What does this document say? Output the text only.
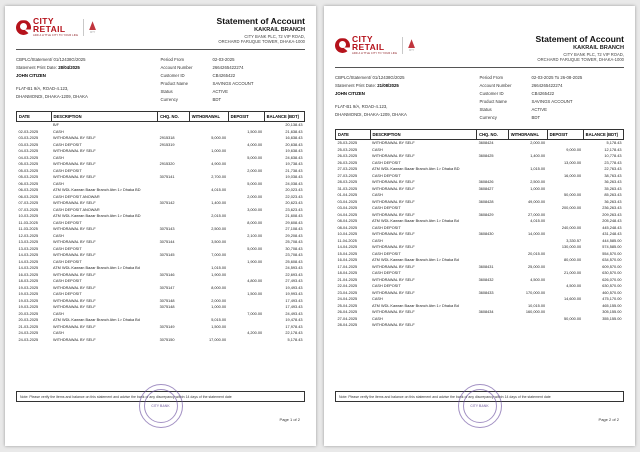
CITY
RETAIL
ADD A LITTLE CITY TO YOUR LIFE
CITY
Statement of Account
KAKRAIL BRANCH
CITY BANK PLC, 72 VIP ROAD,
ORCHARD FARUQUE TOWER, DHAKA-1000
CBPLC/Statement/ 01/12438G/2025
Statement Print Date: 28/04/2025
JOHN CITIZEN
FLAT-B1 9/A, ROAD-4.123,
DHANMONDI, DHAKA-1209, DHAKA
Period From	02-03-2025
Account Number	2664265422274
Customer ID	CB4265422
Product Name	SAVINGS ACCOUNT
Status	ACTIVE
Currency	BDT
DATE	DESCRIPTION	CHQ. NO.	WITHDRAWAL	DEPOSIT	BALANCE (BDT)
	B/F				20,138.43
02-03-2025	CASH			1,500.00	21,638.43
03-03-2025	WITHDRAWAL BY SELF	2915318	5,000.00		16,638.43
03-03-2025	CASH DEPOSIT	2915319		4,000.00	20,638.43
04-03-2025	WITHDRAWAL BY SELF		1,000.00		19,638.43
04-03-2025	CASH			5,000.00	24,638.43
05-03-2025	WITHDRAWAL BY SELF	2915320	4,900.00		19,738.43
05-03-2025	CASH DEPOSIT			2,000.00	21,738.43
05-03-2025	WITHDRAWAL BY SELF	3075141	2,700.00		19,038.43
06-03-2025	CASH			5,000.00	24,038.43
06-03-2025	ATM WDL Kawran Bazar Branch Atm 1> Dhaka BD		4,015.00		20,023.43
06-03-2025	CASH DEPOSIT ANOWAR			2,000.00	22,023.43
07-03-2025	WITHDRAWAL BY SELF	3075142	1,400.00		20,623.43
07-03-2025	CASH DEPOSIT ANOWAR			3,000.00	23,623.43
10-03-2025	ATM WDL Kawran Bazar Branch Atm 1> Dhaka BD		2,015.00		21,608.43
11-03-2025	CASH DEPOSIT			8,000.00	29,608.43
11-03-2025	WITHDRAWAL BY SELF	3075143	2,500.00		27,108.43
12-03-2025	CASH			2,100.00	29,208.43
13-03-2025	WITHDRAWAL BY SELF	3075144	3,500.00		25,708.43
13-03-2025	CASH DEPOSIT			5,000.00	30,708.43
14-03-2025	WITHDRAWAL BY SELF	3075145	7,000.00		23,708.43
14-03-2025	CASH DEPOSIT			1,900.00	25,608.43
14-03-2025	ATM WDL Kawran Bazar Branch Atm 1> Dhaka Bd		1,015.00		24,593.43
16-03-2025	WITHDRAWAL BY SELF	3075146	1,900.00		22,693.43
18-03-2025	CASH DEPOSIT			4,800.00	27,493.43
19-03-2025	WITHDRAWAL BY SELF	3075147	8,000.00		19,493.43
19-03-2025	CASH DEPOSIT			1,500.00	19,993.43
19-03-2025	WITHDRAWAL BY SELF	3075148	2,000.00		17,493.43
19-03-2025	WITHDRAWAL BY SELF	3075148	1,000.00		17,493.43
20-03-2025	CASH			7,000.00	24,493.43
20-03-2025	ATM WDL Kawran Bazar Branch Atm 1> Dhaka Bd		5,015.00		19,478.43
21-03-2025	WITHDRAWAL BY SELF	3075149	1,500.00		17,978.43
24-03-2025	CASH			4,200.00	22,178.43
24-03-2025	WITHDRAWAL BY SELF	3075150	17,000.00		5,178.43
Note: Please verify the items and balance on this statement and advise the bank of any discrepancy within 14 days of the statement date
CITY BANK
Page 1 of 2
CITY
RETAIL
ADD A LITTLE CITY TO YOUR LIFE
CITY
Statement of Account
KAKRAIL BRANCH
CITY BANK PLC, 72 VIP ROAD,
ORCHARD FARUQUE TOWER, DHAKA-1000
CBPLC/Statement/ 01/12438G/2025
Statement Print Date: 21/08/2025
JOHN CITIZEN
FLAT-B1 9/A, ROAD-4.123,
DHANMONDI, DHAKA-1209, DHAKA
Period From	02-03-2025 To 26-08-2025
Account Number	2664265422274
Customer ID	CB4265422
Product Name	SAVINGS ACCOUNT
Status	ACTIVE
Currency	BDT
DATE	DESCRIPTION	CHQ. NO.	WITHDRAWAL	DEPOSIT	BALANCE (BDT)
25-03-2025	WITHDRAWAL BY SELF	3608424	2,000.00		5,178.43
25-03-2025	CASH			9,000.00	12,178.43
26-03-2025	WITHDRAWAL BY SELF	3608425	1,400.00		10,778.43
26-03-2025	CASH DEPOSIT			13,000.00	23,778.43
27-03-2025	ATM WDL Kawran Bazar Branch Atm 1> Dhaka BD		1,015.00		22,763.43
27-03-2025	CASH DEPOSIT			16,000.00	38,763.43
28-03-2025	WITHDRAWAL BY SELF	3608426	2,500.00		36,263.43
31-03-2025	WITHDRAWAL BY SELF	3608427	1,000.00		35,263.43
01-04-2025	CASH			50,000.00	85,263.43
03-04-2025	WITHDRAWAL BY SELF	3608428	49,000.00		36,263.43
03-04-2025	CASH DEPOSIT			200,000.00	236,263.43
04-04-2025	WITHDRAWAL BY SELF	3608429	27,000.00		209,263.43
08-04-2025	ATM WDL Kawran Bazar Branch Atm 1> Dhaka Bd		4,015.00		205,248.43
08-04-2025	CASH DEPOSIT			240,000.00	445,248.43
10-04-2025	WITHDRAWAL BY SELF	3608430	14,000.00		431,248.43
11-04-2025	CASH			3,330.57	444,585.00
14-04-2025	WITHDRAWAL BY SELF			130,000.00	574,585.00
15-04-2025	CASH DEPOSIT		20,015.00		554,570.00
16-04-2025	ATM WDL Kawran Bazar Branch Atm 1> Dhaka Bd			80,000.00	634,570.00
17-04-2025	WITHDRAWAL BY SELF	3608431	25,000.00		609,570.00
18-04-2025	CASH DEPOSIT			21,000.00	630,570.00
21-04-2025	WITHDRAWAL BY SELF	3608432	4,500.00		626,070.00
22-04-2025	CASH DEPOSIT			4,500.00	630,570.00
23-04-2025	WITHDRAWAL BY SELF	3608433	170,000.00		460,570.00
24-04-2025	CASH			14,600.00	475,170.00
25-04-2025	ATM WDL Kawran Bazar Branch Atm 1> Dhaka Bd		10,015.00		465,155.00
26-04-2025	WITHDRAWAL BY SELF	3608434	160,000.00		305,155.00
27-04-2025	CASH			50,000.00	355,155.00
28-04-2025	WITHDRAWAL BY SELF				
Note: Please verify the items and balance on this statement and advise the bank of any discrepancy within 14 days of the statement date
CITY BANK
Page 2 of 2
